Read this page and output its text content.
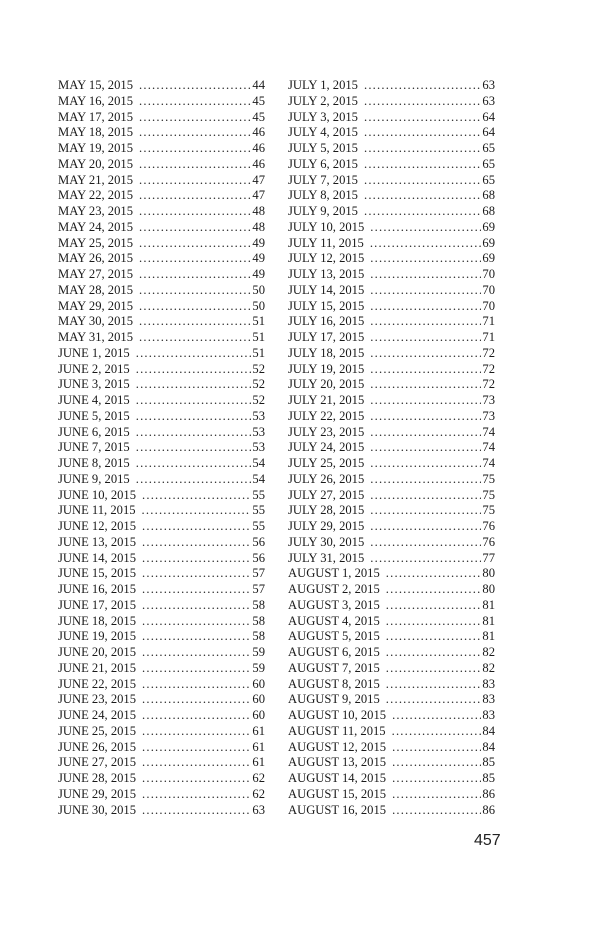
MAY 15, 2015 .....	44
MAY 16, 2015 .....	45
MAY 17, 2015 .....	45
MAY 18, 2015 .....	46
MAY 19, 2015 .....	46
MAY 20, 2015 .....	46
MAY 21, 2015 .....	47
MAY 22, 2015 .....	47
MAY 23, 2015 .....	48
MAY 24, 2015 .....	48
MAY 25, 2015 .....	49
MAY 26, 2015 .....	49
MAY 27, 2015 .....	49
MAY 28, 2015 .....	50
MAY 29, 2015 .....	50
MAY 30, 2015 .....	51
MAY 31, 2015 .....	51
JUNE 1, 2015 .....	51
JUNE 2, 2015 .....	52
JUNE 3, 2015 .....	52
JUNE 4, 2015 .....	52
JUNE 5, 2015 .....	53
JUNE 6, 2015 .....	53
JUNE 7, 2015 .....	53
JUNE 8, 2015 .....	54
JUNE 9, 2015 .....	54
JUNE 10, 2015 .....	55
JUNE 11, 2015 .....	55
JUNE 12, 2015 .....	55
JUNE 13, 2015 .....	56
JUNE 14, 2015 .....	56
JUNE 15, 2015 .....	57
JUNE 16, 2015 .....	57
JUNE 17, 2015 .....	58
JUNE 18, 2015 .....	58
JUNE 19, 2015 .....	58
JUNE 20, 2015 .....	59
JUNE 21, 2015 .....	59
JUNE 22, 2015 .....	60
JUNE 23, 2015 .....	60
JUNE 24, 2015 .....	60
JUNE 25, 2015 .....	61
JUNE 26, 2015 .....	61
JUNE 27, 2015 .....	61
JUNE 28, 2015 .....	62
JUNE 29, 2015 .....	62
JUNE 30, 2015 .....	63
JULY 1, 2015 .....	63
JULY 2, 2015 .....	63
JULY 3, 2015 .....	64
JULY 4, 2015 .....	64
JULY 5, 2015 .....	65
JULY 6, 2015 .....	65
JULY 7, 2015 .....	65
JULY 8, 2015 .....	68
JULY 9, 2015 .....	68
JULY 10, 2015 .....	69
JULY 11, 2015 .....	69
JULY 12, 2015 .....	69
JULY 13, 2015 .....	70
JULY 14, 2015 .....	70
JULY 15, 2015 .....	70
JULY 16, 2015 .....	71
JULY 17, 2015 .....	71
JULY 18, 2015 .....	72
JULY 19, 2015 .....	72
JULY 20, 2015 .....	72
JULY 21, 2015 .....	73
JULY 22, 2015 .....	73
JULY 23, 2015 .....	74
JULY 24, 2015 .....	74
JULY 25, 2015 .....	74
JULY 26, 2015 .....	75
JULY 27, 2015 .....	75
JULY 28, 2015 .....	75
JULY 29, 2015 .....	76
JULY 30, 2015 .....	76
JULY 31, 2015 .....	77
AUGUST 1, 2015 .....	80
AUGUST 2, 2015 .....	80
AUGUST 3, 2015 .....	81
AUGUST 4, 2015 .....	81
AUGUST 5, 2015 .....	81
AUGUST 6, 2015 .....	82
AUGUST 7, 2015 .....	82
AUGUST 8, 2015 .....	83
AUGUST 9, 2015 .....	83
AUGUST 10, 2015 .....	83
AUGUST 11, 2015 .....	84
AUGUST 12, 2015 .....	84
AUGUST 13, 2015 .....	85
AUGUST 14, 2015 .....	85
AUGUST 15, 2015 .....	86
AUGUST 16, 2015 .....	86
457
